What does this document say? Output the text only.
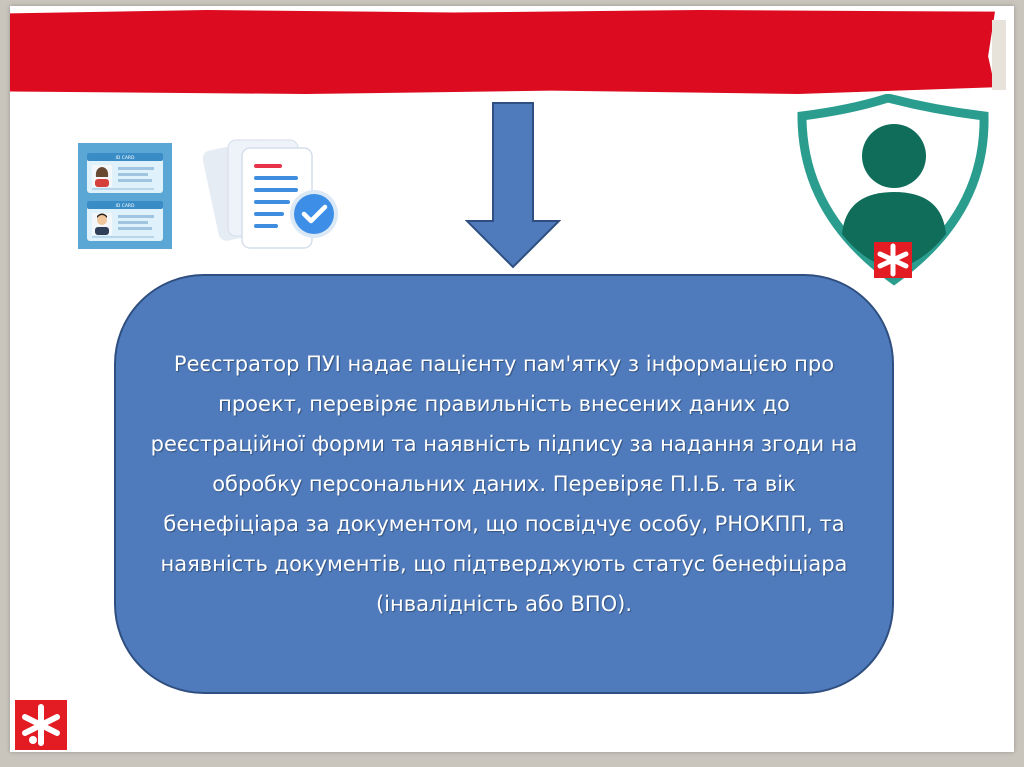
ID CARD
ID CARD

Реєстратор ПУІ надає пацієнту пам'ятку з інформацією про проект, перевіряє правильність внесених даних до реєстраційної форми та наявність підпису за надання згоди на обробку персональних даних. Перевіряє П.І.Б. та вік бенефіціара за документом, що посвідчує особу, РНОКПП, та наявність документів, що підтверджують статус бенефіціара (інвалідність або ВПО).
